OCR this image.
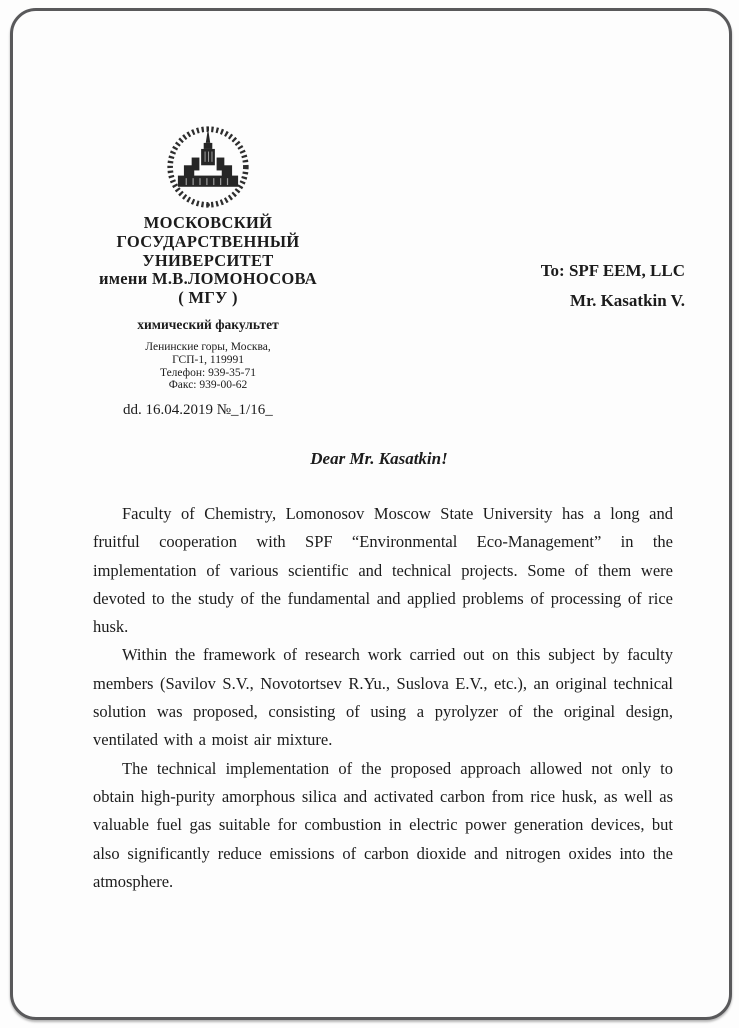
МОСКОВСКИЙ
ГОСУДАРСТВЕННЫЙ
УНИВЕРСИТЕТ
имени М.В.ЛОМОНОСОВА
( МГУ )
химический факультет
Ленинские горы, Москва,
ГСП-1, 119991
Телефон: 939-35-71
Факс: 939-00-62
dd. 16.04.2019 №_1/16_
To: SPF EEM, LLC
Mr. Kasatkin V.
Dear Mr. Kasatkin!

Faculty of Chemistry, Lomonosov Moscow State University has a long and fruitful cooperation with SPF “Environmental Eco-Management” in the implementation of various scientific and technical projects. Some of them were devoted to the study of the fundamental and applied problems of processing of rice husk.

Within the framework of research work carried out on this subject by faculty members (Savilov S.V., Novotortsev R.Yu., Suslova E.V., etc.), an original technical solution was proposed, consisting of using a pyrolyzer of the original design, ventilated with a moist air mixture.

The technical implementation of the proposed approach allowed not only to obtain high-purity amorphous silica and activated carbon from rice husk, as well as valuable fuel gas suitable for combustion in electric power generation devices, but also significantly reduce emissions of carbon dioxide and nitrogen oxides into the atmosphere.
